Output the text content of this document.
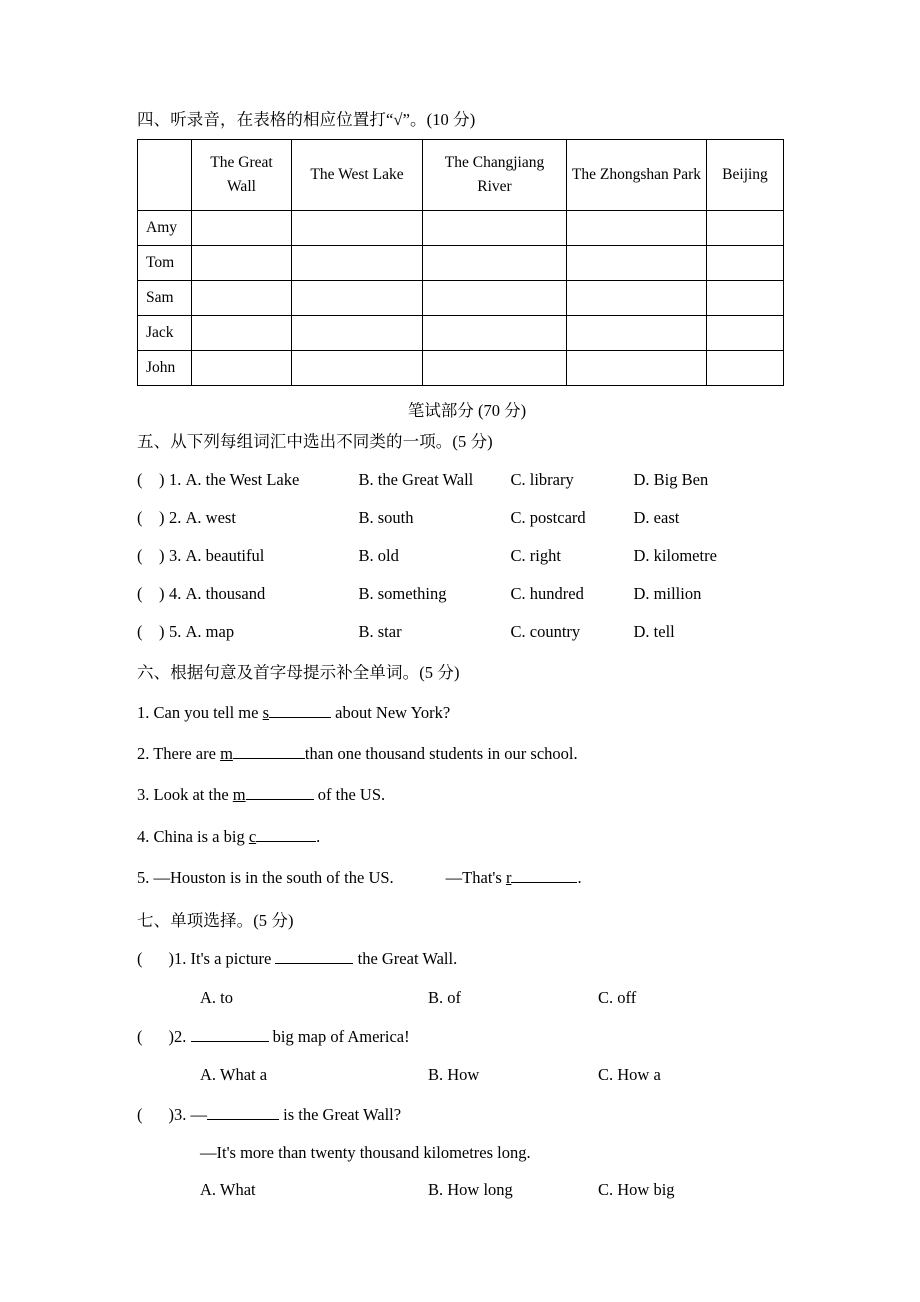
四、听录音，在表格的相应位置打“√”。(10 分)
	The Great Wall	The West Lake	The Changjiang River	The Zhongshan Park	Beijing
Amy					
Tom					
Sam					
Jack					
John					
笔试部分 (70 分)
五、从下列每组词汇中选出不同类的一项。(5 分)
(    ) 1. A. the West Lake	B. the Great Wall C. library	D. Big Ben
(    ) 2. A. west	B. south	C. postcard	D. east
(    ) 3. A. beautiful	B. old	C. right	D. kilometre
(    ) 4. A. thousand	B. something	C. hundred	D. million
(    ) 5. A. map	B. star	C. country	D. tell
六、根据句意及首字母提示补全单词。(5 分)
1. Can you tell me s	about New York?
2. There are m	than one thousand students in our school.
3. Look at the m	of the US.
4. China is a big c	.
5. —Houston is in the south of the US.	—That's r	.
七、单项选择。(5 分)
( )1. It's a picture	the Great Wall.
A. to	B. of	C. off
( )2.	big map of America!
A. What a	B. How	C. How a
( )3. —	is the Great Wall?
—It's more than twenty thousand kilometres long.
A. What	B. How long	C. How big
